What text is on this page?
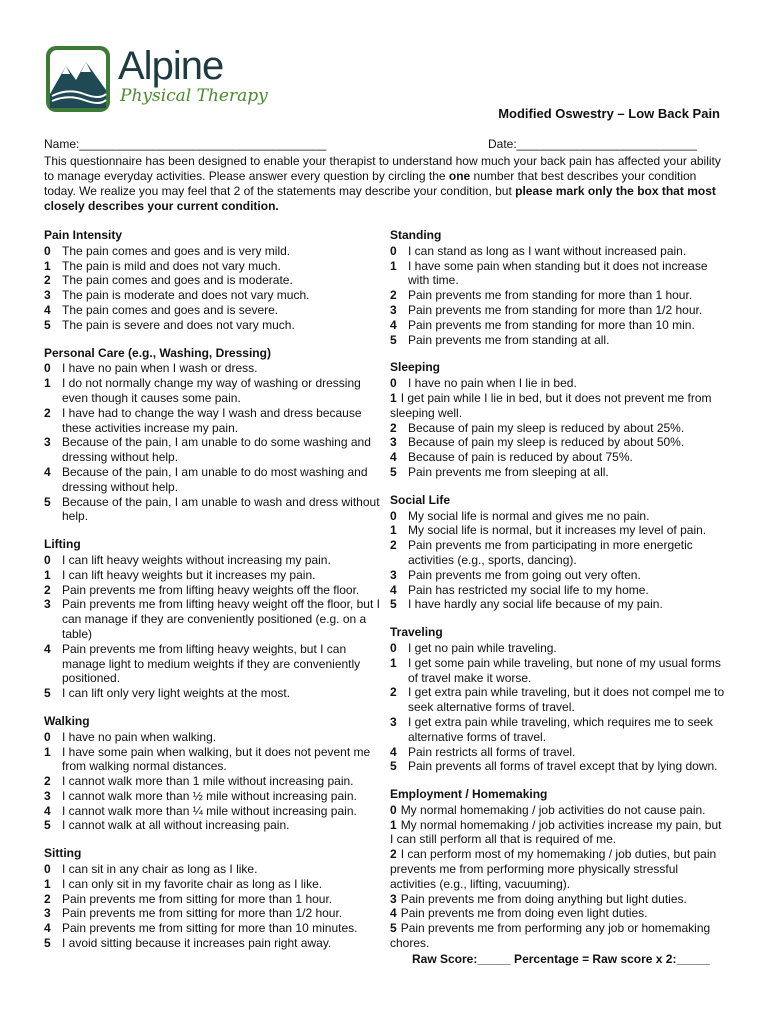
Alpine
Physical Therapy
Modified Oswestry – Low Back Pain
Name:_____________________________________	Date:___________________________
This questionnaire has been designed to enable your therapist to understand how much your back pain has affected your ability to manage everyday activities. Please answer every question by circling the one number that best describes your condition today. We realize you may feel that 2 of the statements may describe your condition, but please mark only the box that most closely describes your current condition.
Pain Intensity
0 The pain comes and goes and is very mild.
1 The pain is mild and does not vary much.
2 The pain comes and goes and is moderate.
3 The pain is moderate and does not vary much.
4 The pain comes and goes and is severe.
5 The pain is severe and does not vary much.
Personal Care (e.g., Washing, Dressing)
0 I have no pain when I wash or dress.
1 I do not normally change my way of washing or dressing even though it causes some pain.
2 I have had to change the way I wash and dress because these activities increase my pain.
3 Because of the pain, I am unable to do some washing and dressing without help.
4 Because of the pain, I am unable to do most washing and dressing without help.
5 Because of the pain, I am unable to wash and dress without help.
Lifting
0 I can lift heavy weights without increasing my pain.
1 I can lift heavy weights but it increases my pain.
2 Pain prevents me from lifting heavy weights off the floor.
3 Pain prevents me from lifting heavy weight off the floor, but I can manage if they are conveniently positioned (e.g. on a table)
4 Pain prevents me from lifting heavy weights, but I can manage light to medium weights if they are conveniently positioned.
5 I can lift only very light weights at the most.
Walking
0 I have no pain when walking.
1 I have some pain when walking, but it does not pevent me from walking normal distances.
2 I cannot walk more than 1 mile without increasing pain.
3 I cannot walk more than ½ mile without increasing pain.
4 I cannot walk more than ¼ mile without increasing pain.
5 I cannot walk at all without increasing pain.
Sitting
0 I can sit in any chair as long as I like.
1 I can only sit in my favorite chair as long as I like.
2 Pain prevents me from sitting for more than 1 hour.
3 Pain prevents me from sitting for more than 1/2 hour.
4 Pain prevents me from sitting for more than 10 minutes.
5 I avoid sitting because it increases pain right away.
Standing
0 I can stand as long as I want without increased pain.
1 I have some pain when standing but it does not increase with time.
2 Pain prevents me from standing for more than 1 hour.
3 Pain prevents me from standing for more than 1/2 hour.
4 Pain prevents me from standing for more than 10 min.
5 Pain prevents me from standing at all.
Sleeping
0 I have no pain when I lie in bed.
1 I get pain while I lie in bed, but it does not prevent me from sleeping well.
2 Because of pain my sleep is reduced by about 25%.
3 Because of pain my sleep is reduced by about 50%.
4 Because of pain is reduced by about 75%.
5 Pain prevents me from sleeping at all.
Social Life
0 My social life is normal and gives me no pain.
1 My social life is normal, but it increases my level of pain.
2 Pain prevents me from participating in more energetic activities (e.g., sports, dancing).
3 Pain prevents me from going out very often.
4 Pain has restricted my social life to my home.
5 I have hardly any social life because of my pain.
Traveling
0 I get no pain while traveling.
1 I get some pain while traveling, but none of my usual forms of travel make it worse.
2 I get extra pain while traveling, but it does not compel me to seek alternative forms of travel.
3 I get extra pain while traveling, which requires me to seek alternative forms of travel.
4 Pain restricts all forms of travel.
5 Pain prevents all forms of travel except that by lying down.
Employment / Homemaking
0 My normal homemaking / job activities do not cause pain.
1 My normal homemaking / job activities increase my pain, but I can still perform all that is required of me.
2 I can perform most of my homemaking / job duties, but pain prevents me from performing more physically stressful activities (e.g., lifting, vacuuming).
3 Pain prevents me from doing anything but light duties.
4 Pain prevents me from doing even light duties.
5 Pain prevents me from performing any job or homemaking chores.
Raw Score:_____ Percentage = Raw score x 2:_____
